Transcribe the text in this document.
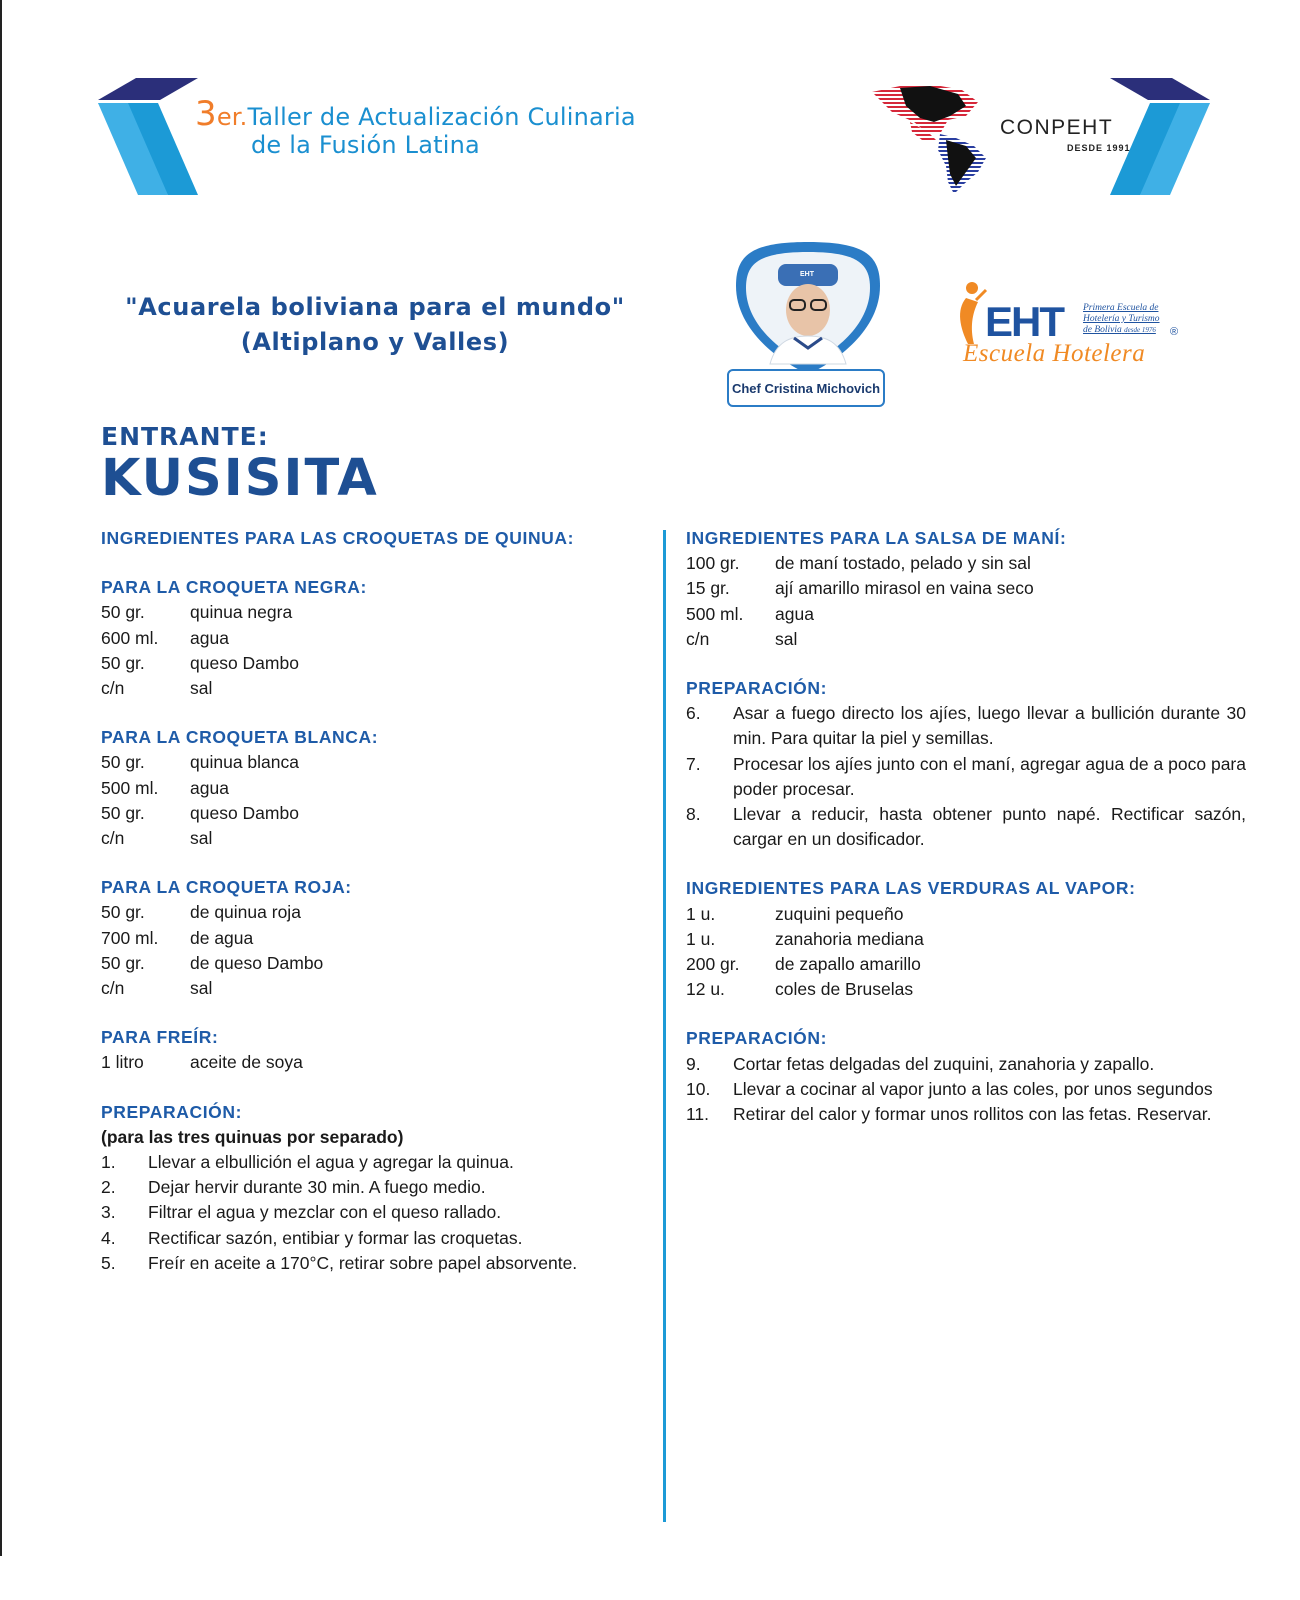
3er.Taller de Actualización Culinaria
de la Fusión Latina
CONPEHT
DESDE 1991
"Acuarela boliviana para el mundo"
(Altiplano y Valles)
EHT
Chef Cristina Michovich
EHT Primera Escuela de
Hotelería y Turismo
de Bolivia desde 1976	®
Escuela Hotelera
ENTRANTE:
KUSISITA
INGREDIENTES PARA LAS CROQUETAS DE QUINUA:
PARA LA CROQUETA NEGRA:
50 gr.	quinua negra
600 ml.	agua
50 gr.	queso Dambo
c/n	sal
PARA LA CROQUETA BLANCA:
50 gr.	quinua blanca
500 ml.	agua
50 gr.	queso Dambo
c/n	sal
PARA LA CROQUETA ROJA:
50 gr.	de quinua roja
700 ml.	de agua
50 gr.	de queso Dambo
c/n	sal
PARA FREÍR:
1 litro	aceite de soya
PREPARACIÓN:
(para las tres quinuas por separado)
1.	Llevar a elbullición el agua y agregar la quinua.
2.	Dejar hervir durante 30 min. A fuego medio.
3.	Filtrar el agua y mezclar con el queso rallado.
4.	Rectificar sazón, entibiar y formar las croquetas.
5.	Freír en aceite a 170°C, retirar sobre papel absorvente.
INGREDIENTES PARA LA SALSA DE MANÍ:
100 gr.	de maní tostado, pelado y sin sal
15 gr.	ají amarillo mirasol en vaina seco
500 ml.	agua
c/n	sal
PREPARACIÓN:
6.	Asar a fuego directo los ajíes, luego llevar a bullición durante 30 min. Para quitar la piel y semillas.
7.	Procesar los ajíes junto con el maní, agregar agua de a poco para poder procesar.
8.	Llevar a reducir, hasta obtener punto napé. Rectificar sazón, cargar en un dosificador.
INGREDIENTES PARA LAS VERDURAS AL VAPOR:
1 u.	zuquini pequeño
1 u.	zanahoria mediana
200 gr.	de zapallo amarillo
12 u.	coles de Bruselas
PREPARACIÓN:
9.	Cortar fetas delgadas del zuquini, zanahoria y zapallo.
10.	Llevar a cocinar al vapor junto a las coles, por unos segundos
11.	Retirar del calor y formar unos rollitos con las fetas. Reservar.
